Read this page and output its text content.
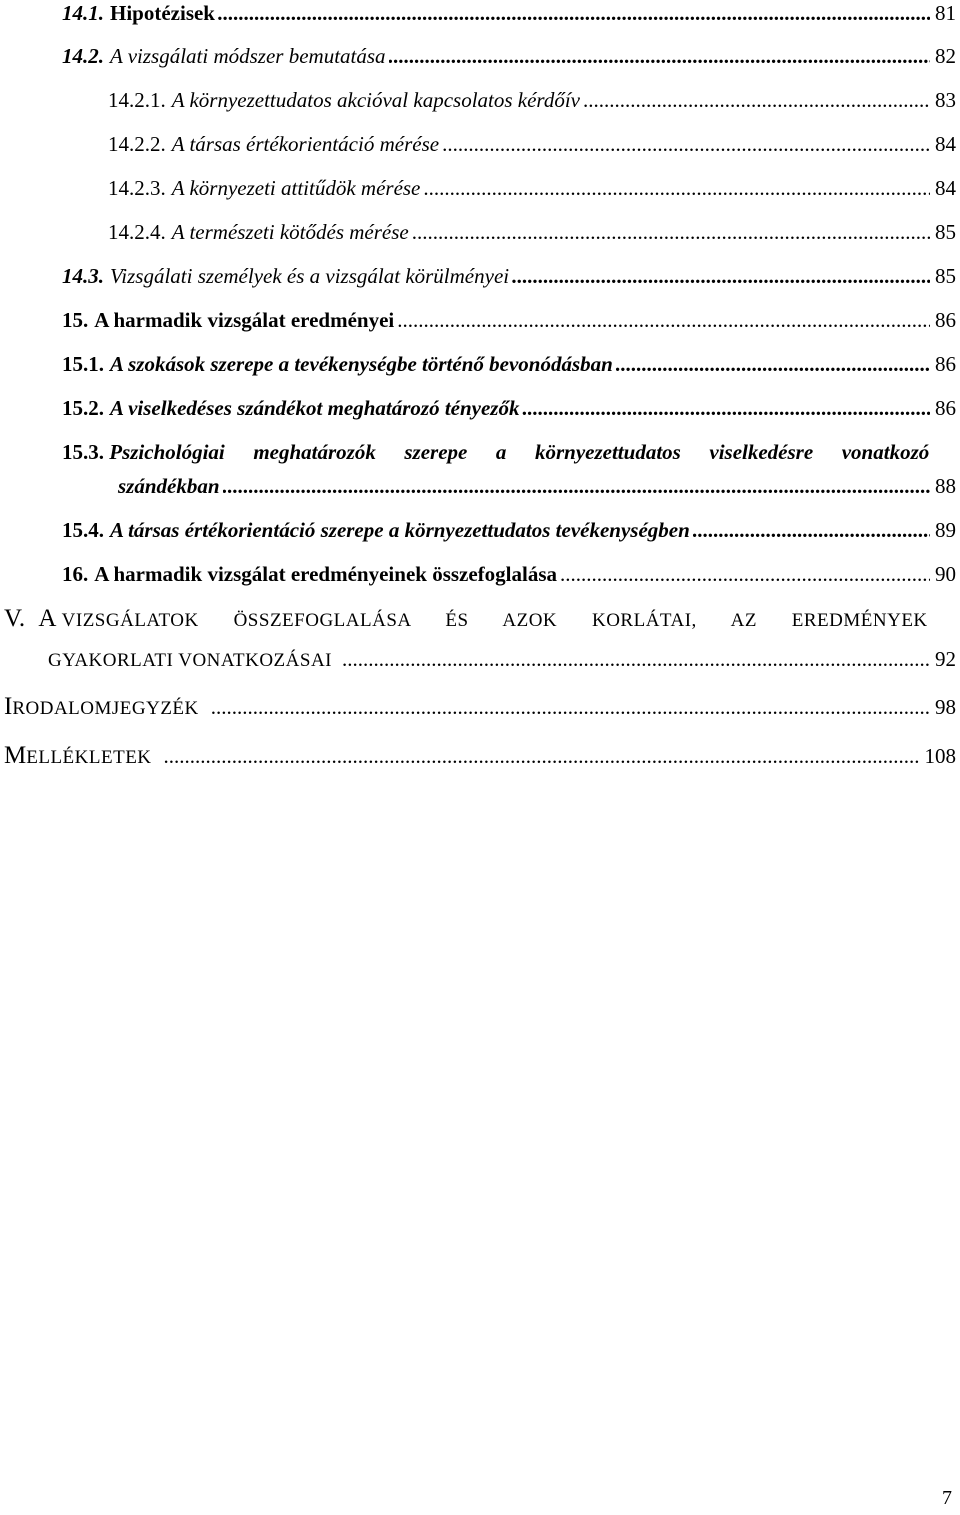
14.1. Hipotézisek .....	81
14.2. A vizsgálati módszer bemutatása .....	82
14.2.1. A környezettudatos akcióval kapcsolatos kérdőív .....	83
14.2.2. A társas értékorientáció mérése .....	84
14.2.3. A környezeti attitűdök mérése .....	84
14.2.4. A természeti kötődés mérése .....	85
14.3. Vizsgálati személyek és a vizsgálat körülményei .....	85
15. A harmadik vizsgálat eredményei .....	86
15.1. A szokások szerepe a tevékenységbe történő bevonódásban .....	86
15.2. A viselkedéses szándékot meghatározó tényezők .....	86
15.3. Pszichológiai meghatározók szerepe a környezettudatos viselkedésre vonatkozó
szándékban .....	88
15.4. A társas értékorientáció szerepe a környezettudatos tevékenységben .....	89
16. A harmadik vizsgálat eredményeinek összefoglalása .....	90
V. A VIZSGÁLATOK ÖSSZEFOGLALÁSA ÉS AZOK KORLÁTAI, AZ EREDMÉNYEK
GYAKORLATI VONATKOZÁSAI .....	92
I RODALOMJEGYZÉK .....	98
M ELLÉKLETEK .....	108
7
